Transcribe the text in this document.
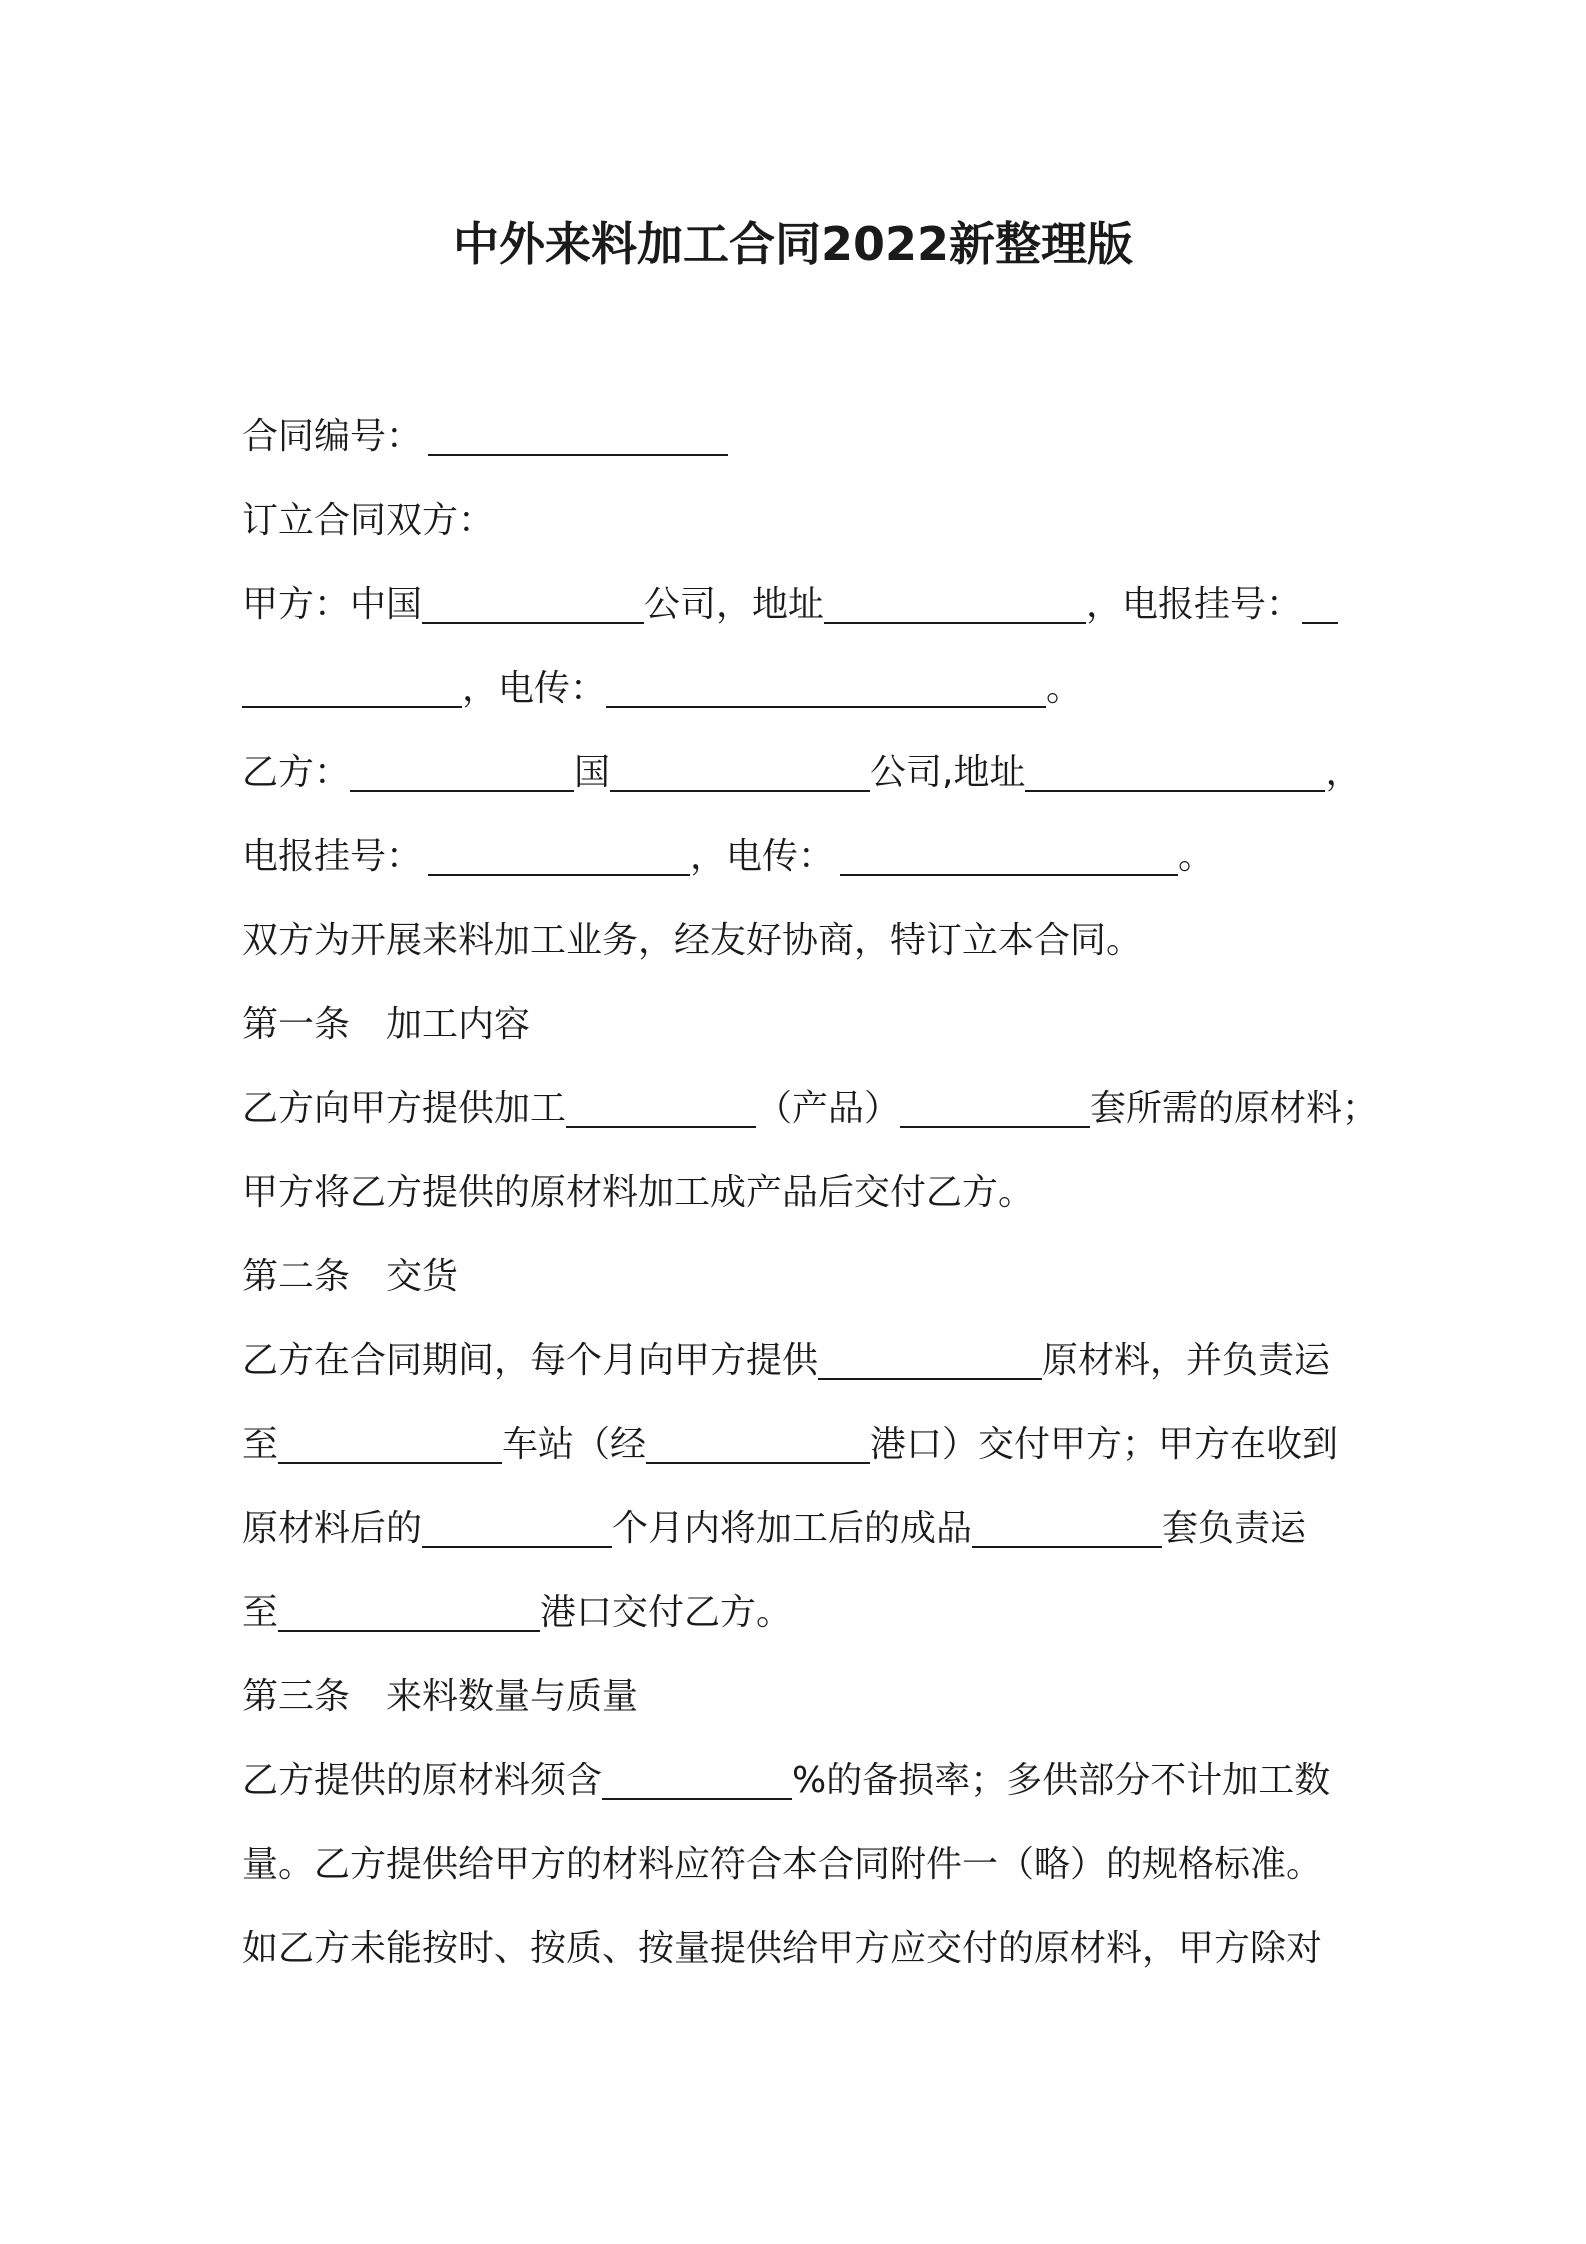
中外来料加工合同2022新整理版
合同编号：
订立合同双方：
甲方：中国	公司，地址	，电报挂号：
，电传：	。
乙方：	国	公司,地址	，
电报挂号：	，电传：	。
双方为开展来料加工业务，经友好协商，特订立本合同。
第一条　加工内容
乙方向甲方提供加工	（产品）	套所需的原材料；
甲方将乙方提供的原材料加工成产品后交付乙方。
第二条　交货
乙方在合同期间，每个月向甲方提供	原材料，并负责运
至	车站（经	港口）交付甲方；甲方在收到
原材料后的	个月内将加工后的成品	套负责运
至	港口交付乙方。
第三条　来料数量与质量
乙方提供的原材料须含	%的备损率；多供部分不计加工数
量。乙方提供给甲方的材料应符合本合同附件一（略）的规格标准。
如乙方未能按时、按质、按量提供给甲方应交付的原材料，甲方除对
